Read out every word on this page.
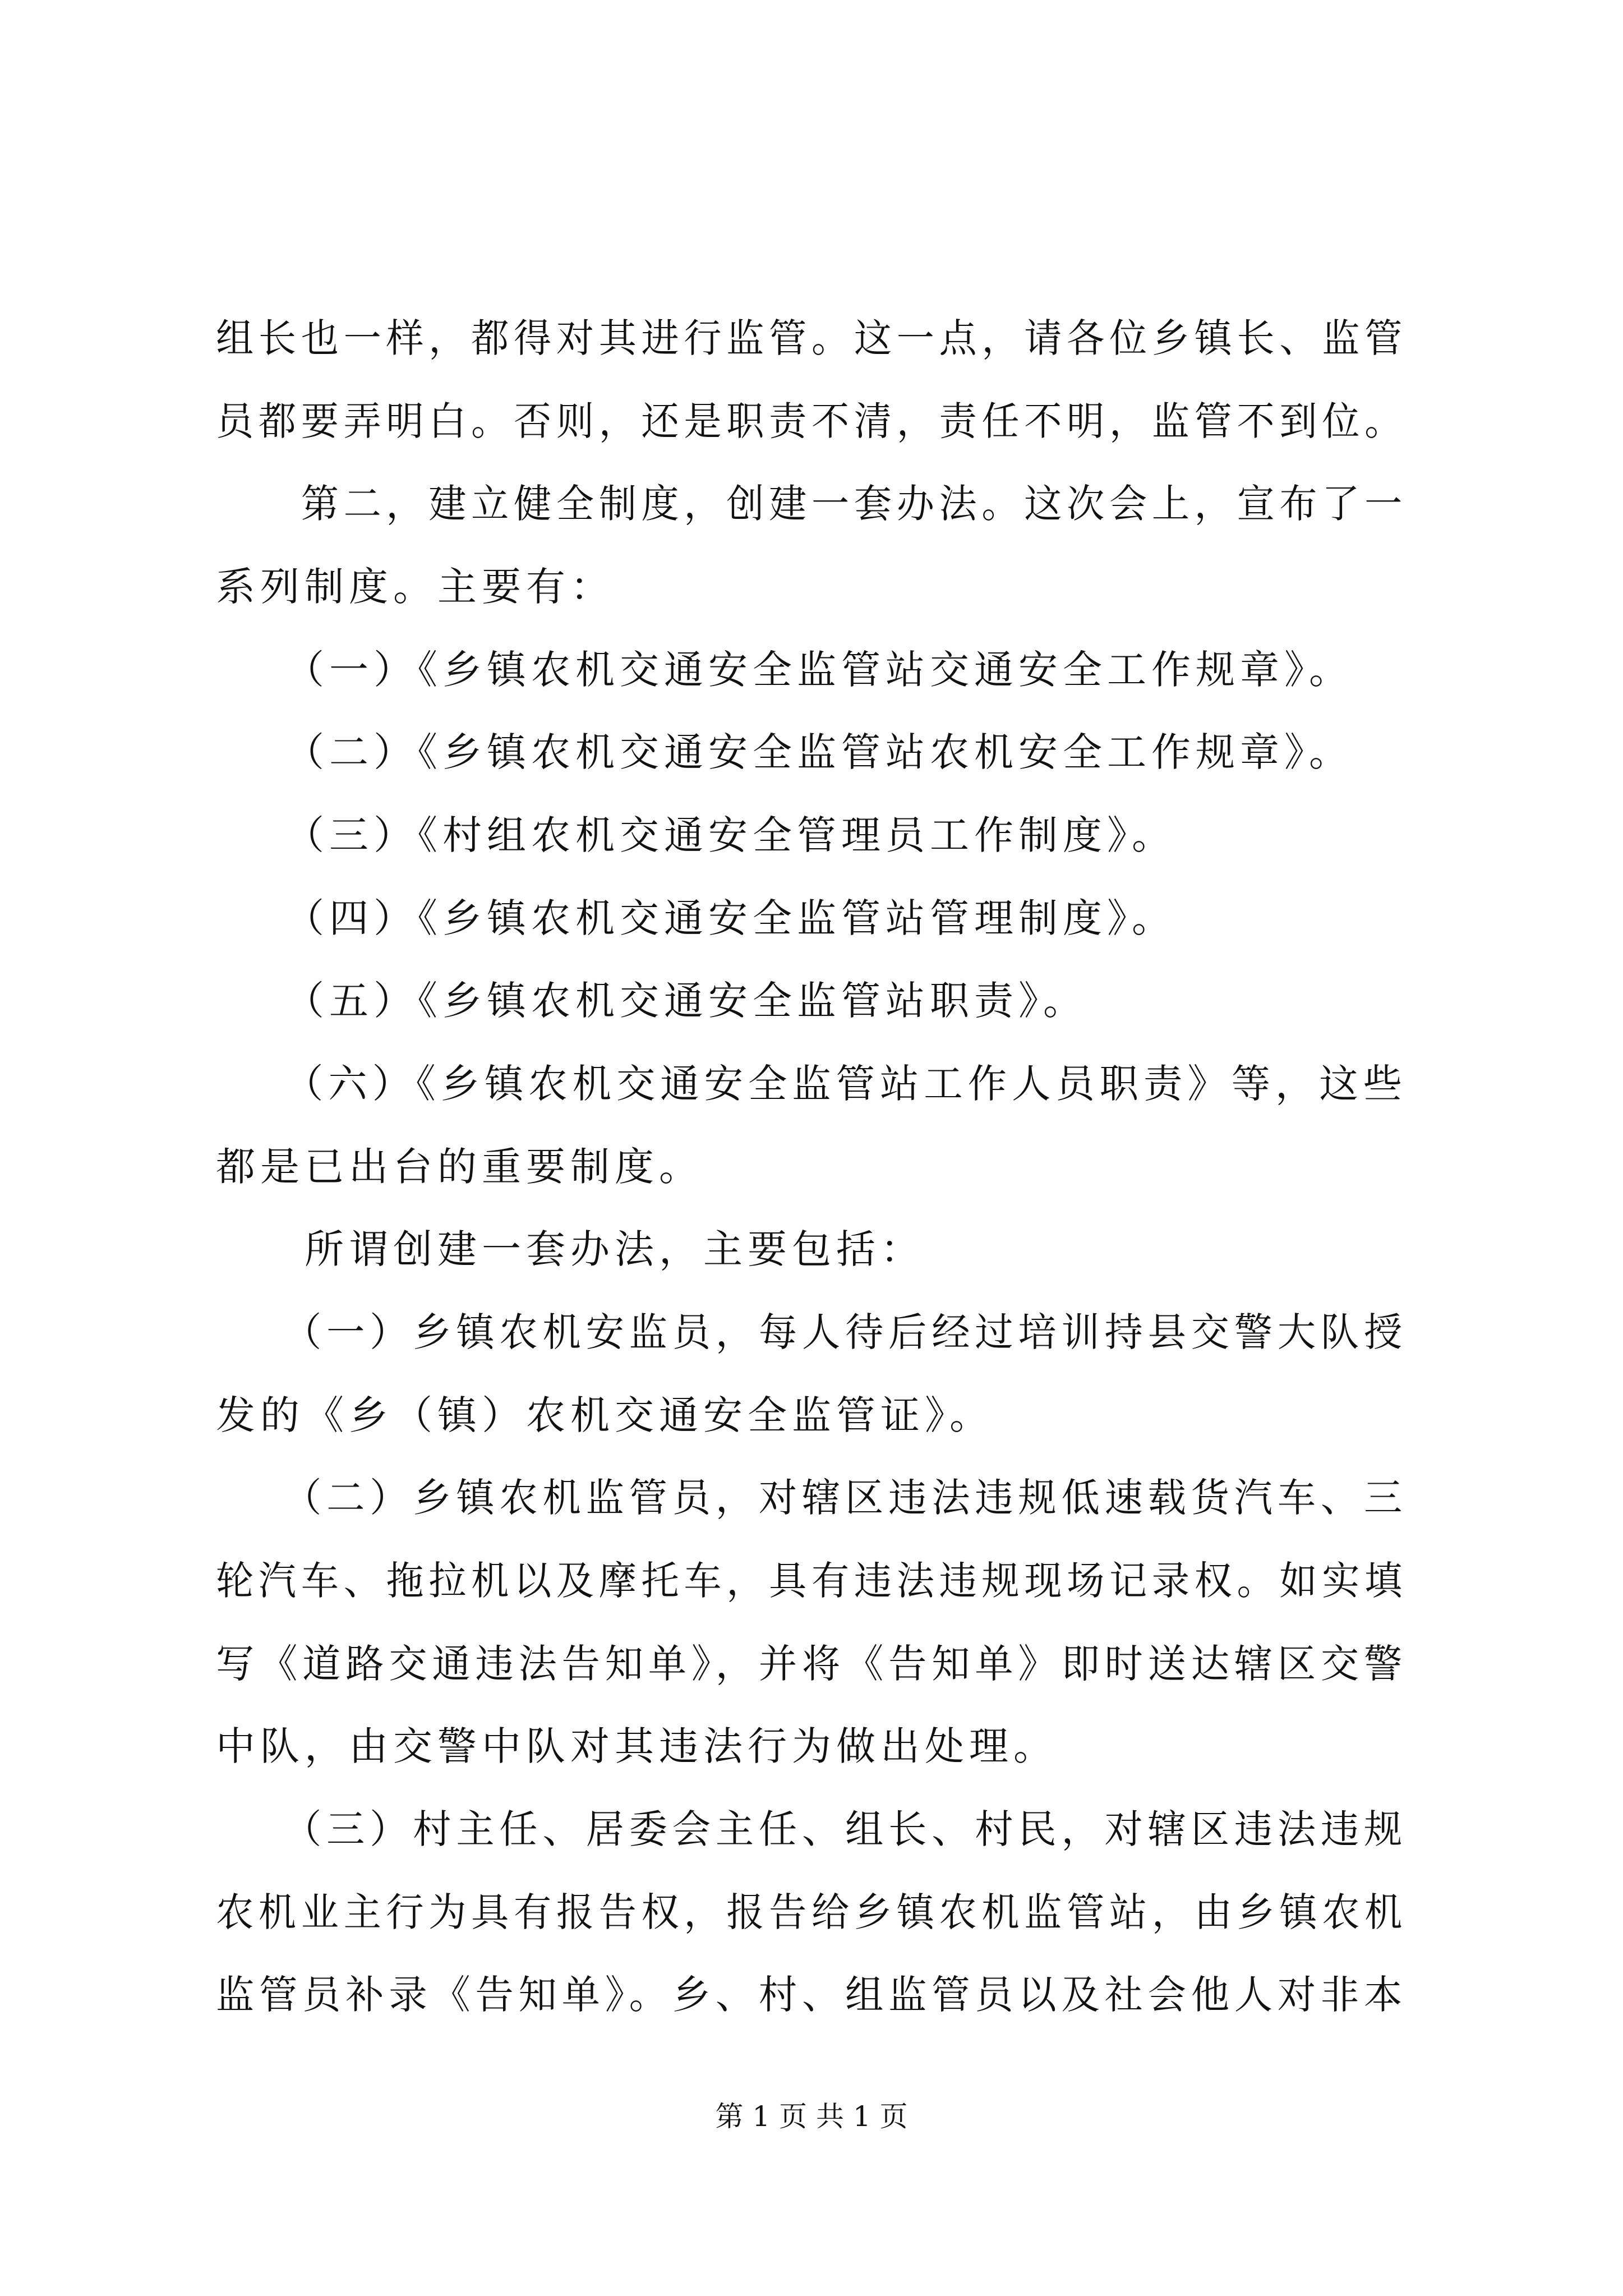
组长也一样，都得对其进行监管。这一点，请各位乡镇长、监管
员都要弄明白。否则，还是职责不清，责任不明，监管不到位。
　　第二，建立健全制度，创建一套办法。这次会上，宣布了一
系列制度。主要有：
　　（一）《乡镇农机交通安全监管站交通安全工作规章》。
　　（二）《乡镇农机交通安全监管站农机安全工作规章》。
　　（三）《村组农机交通安全管理员工作制度》。
　　（四）《乡镇农机交通安全监管站管理制度》。
　　（五）《乡镇农机交通安全监管站职责》。
　　（六）《乡镇农机交通安全监管站工作人员职责》等，这些
都是已出台的重要制度。
　　所谓创建一套办法，主要包括：
　　（一）乡镇农机安监员，每人待后经过培训持县交警大队授
发的《乡（镇）农机交通安全监管证》。
　　（二）乡镇农机监管员，对辖区违法违规低速载货汽车、三
轮汽车、拖拉机以及摩托车，具有违法违规现场记录权。如实填
写《道路交通违法告知单》，并将《告知单》即时送达辖区交警
中队，由交警中队对其违法行为做出处理。
　　（三）村主任、居委会主任、组长、村民，对辖区违法违规
农机业主行为具有报告权，报告给乡镇农机监管站，由乡镇农机
监管员补录《告知单》。乡、村、组监管员以及社会他人对非本
第 1 页 共 1 页
